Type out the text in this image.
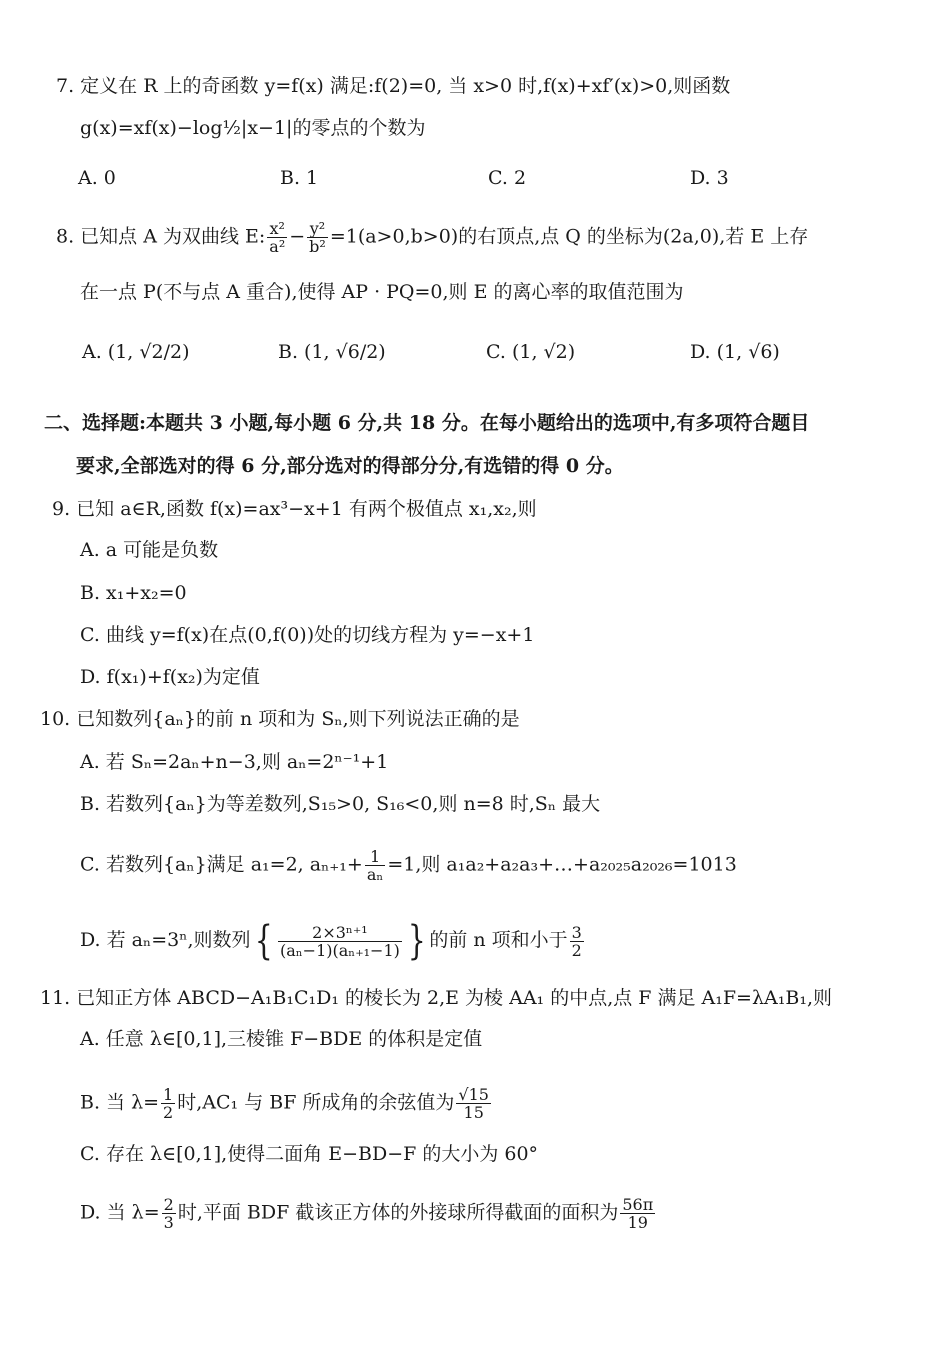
7. 定义在 R 上的奇函数 y=f(x) 满足:f(2)=0, 当 x>0 时,f(x)+xf′(x)>0,则函数
g(x)=xf(x)−log½|x−1|的零点的个数为
A. 0	B. 1	C. 2	D. 3
8. 已知点 A 为双曲线 E: $\frac{\text{x²}}{\text{a²}} - \frac{\text{y²}}{\text{b²}} =1(a>0,b>0)$的右顶点,点 Q 的坐标为(2a,0),若 E 上存
在一点 P(不与点 A 重合),使得 AP · PQ=0,则 E 的离心率的取值范围为
A. (1, √2/2)	B. (1, √6/2)	C. (1, √2)	D. (1, √6)
二、选择题:本题共 3 小题,每小题 6 分,共 18 分。在每小题给出的选项中,有多项符合题目
要求,全部选对的得 6 分,部分选对的得部分分,有选错的得 0 分。
9. 已知 a∈R,函数 f(x)=ax³−x+1 有两个极值点 x₁,x₂,则
A. a 可能是负数
B. x₁+x₂=0
C. 曲线 y=f(x)在点(0,f(0))处的切线方程为 y=−x+1
D. f(x₁)+f(x₂)为定值
10. 已知数列{aₙ}的前 n 项和为 Sₙ,则下列说法正确的是
A. 若 Sₙ=2aₙ+n−3,则 aₙ=2ⁿ⁻¹+1
B. 若数列{aₙ}为等差数列,S₁₅>0, S₁₆<0,则 n=8 时,Sₙ 最大
C. 若数列{aₙ}满足 a₁=2, $a_{n+1}+ \frac{1}{\text{aₙ}} =1$,则 a₁a₂+a₂a₃+…+a₂₀₂₅a₂₀₂₆=1013
D. 若 aₙ=3ⁿ,则数列{ $\frac{\text{2×3ⁿ⁺¹}}{\text{(aₙ−1)(aₙ₊₁−1)}}$ } 的前 n 项和小于 $\frac{3}{2}$
11. 已知正方体 ABCD−A₁B₁C₁D₁ 的棱长为 2,E 为棱 AA₁ 的中点,点 F 满足 A₁F=λA₁B₁,则
A. 任意 λ∈[0,1],三棱锥 F−BDE 的体积是定值
B. 当 $\lambda= \frac{1}{2}$ 时,AC₁ 与 BF 所成角的余弦值为 $\frac{√15}{15}$
C. 存在 λ∈[0,1],使得二面角 E−BD−F 的大小为 60°
D. 当 $\lambda= \frac{2}{3}$ 时,平面 BDF 截该正方体的外接球所得截面的面积为 $\frac{56\pi}{19}$
